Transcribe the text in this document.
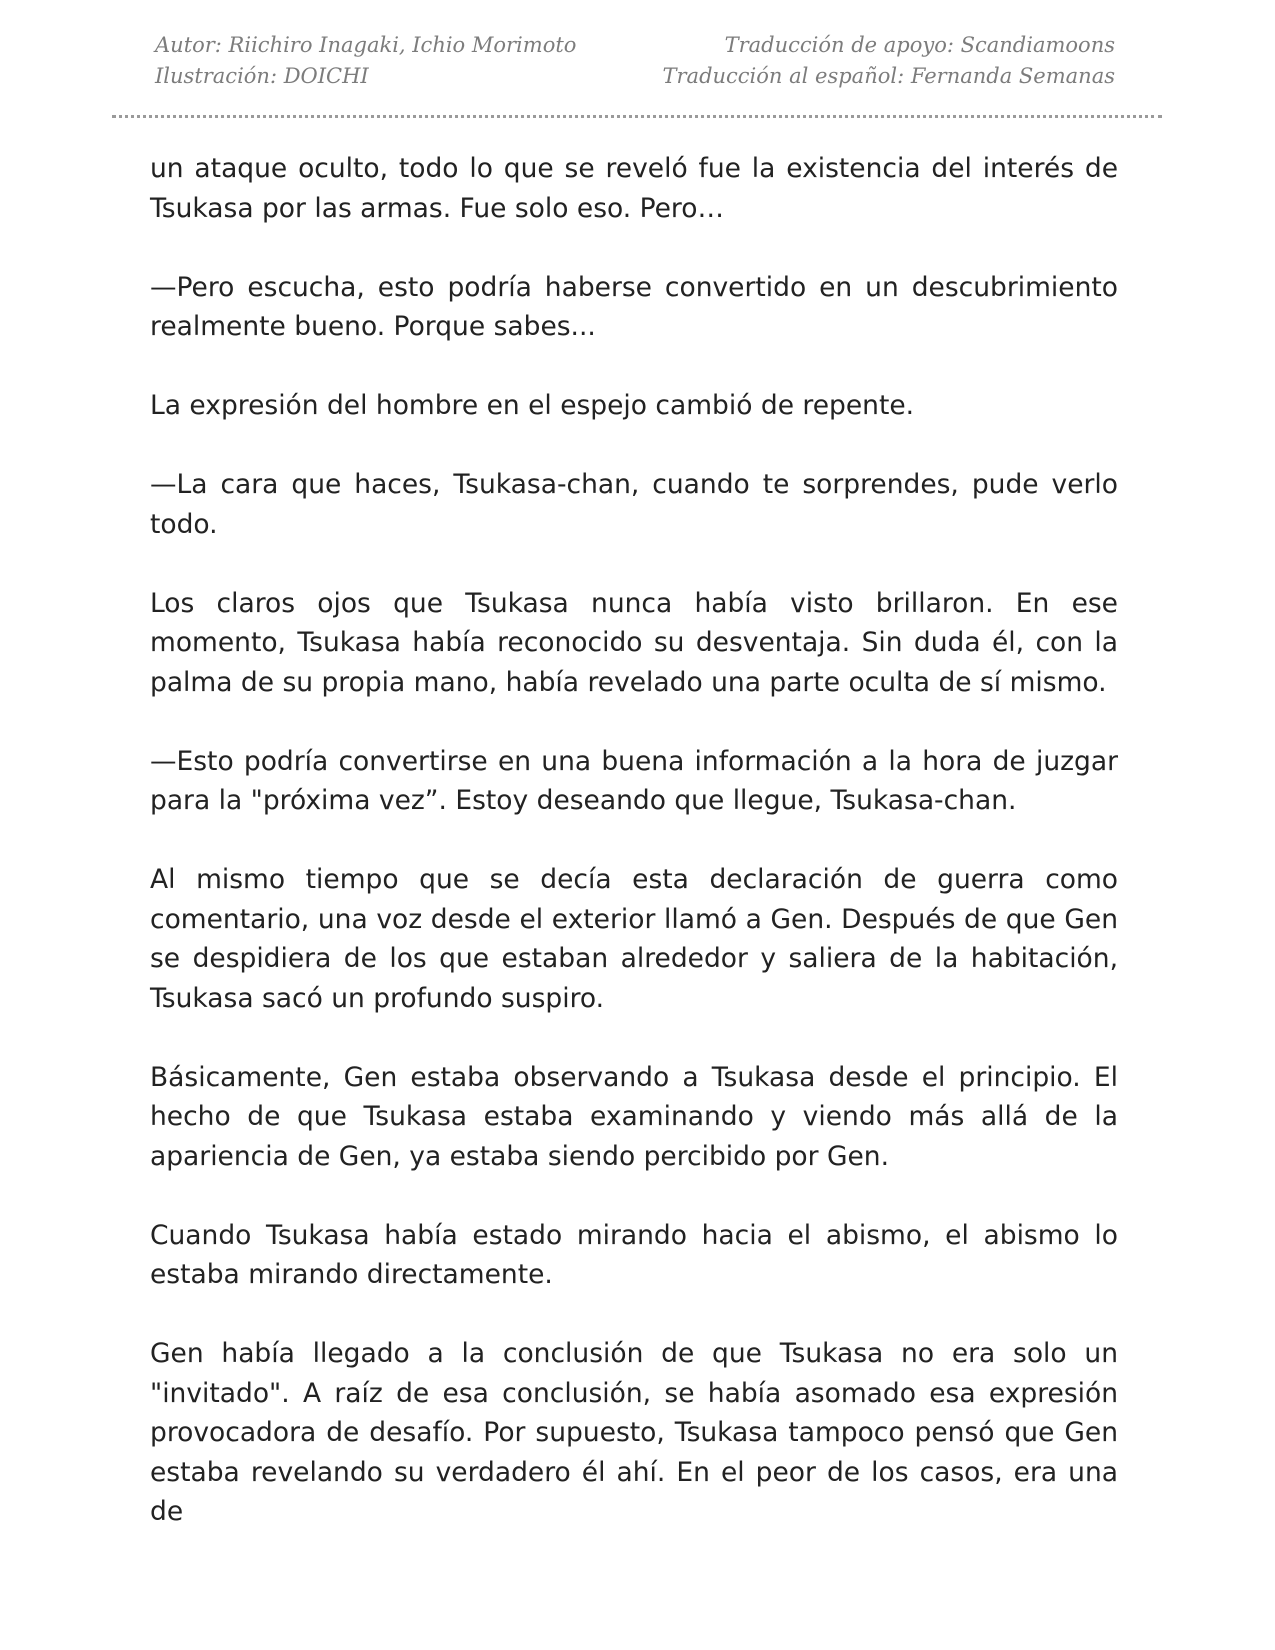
Autor: Riichiro Inagaki, Ichio Morimoto
Ilustración: DOICHI
Traducción de apoyo: Scandiamoons
Traducción al español: Fernanda Semanas

un ataque oculto, todo lo que se reveló fue la existencia del interés de Tsukasa por las armas. Fue solo eso. Pero…

—Pero escucha, esto podría haberse convertido en un descubrimiento realmente bueno. Porque sabes...

La expresión del hombre en el espejo cambió de repente.

—La cara que haces, Tsukasa-chan, cuando te sorprendes, pude verlo todo.

Los claros ojos que Tsukasa nunca había visto brillaron. En ese momento, Tsukasa había reconocido su desventaja. Sin duda él, con la palma de su propia mano, había revelado una parte oculta de sí mismo.

—Esto podría convertirse en una buena información a la hora de juzgar para la "próxima vez”. Estoy deseando que llegue, Tsukasa-chan.

Al mismo tiempo que se decía esta declaración de guerra como comentario, una voz desde el exterior llamó a Gen. Después de que Gen se despidiera de los que estaban alrededor y saliera de la habitación, Tsukasa sacó un profundo suspiro.

Básicamente, Gen estaba observando a Tsukasa desde el principio. El hecho de que Tsukasa estaba examinando y viendo más allá de la apariencia de Gen, ya estaba siendo percibido por Gen.

Cuando Tsukasa había estado mirando hacia el abismo, el abismo lo estaba mirando directamente.

Gen había llegado a la conclusión de que Tsukasa no era solo un "invitado". A raíz de esa conclusión, se había asomado esa expresión provocadora de desafío. Por supuesto, Tsukasa tampoco pensó que Gen estaba revelando su verdadero él ahí. En el peor de los casos, era una de
